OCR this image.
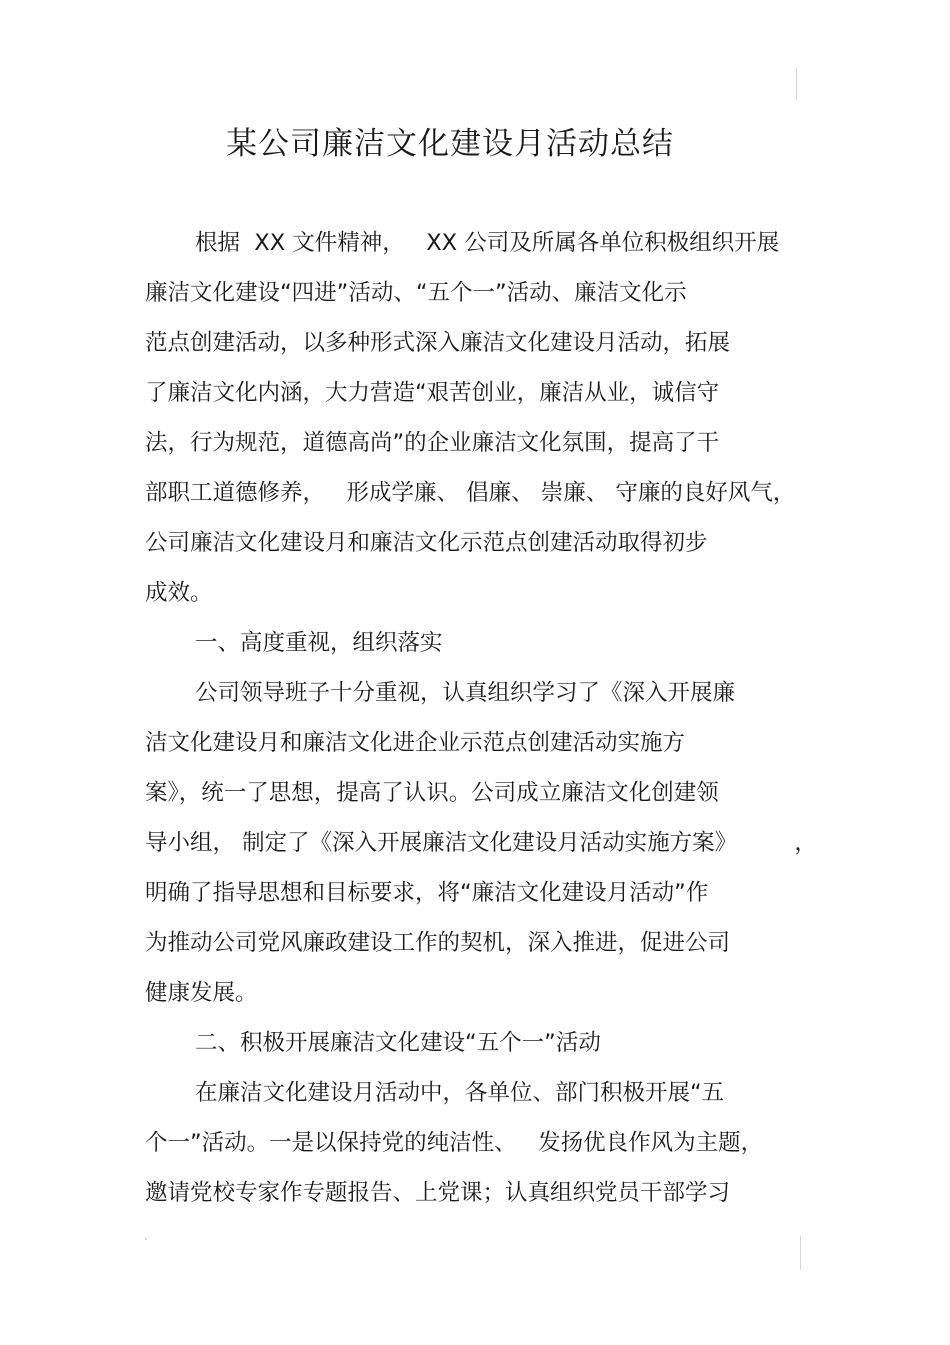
某公司廉洁文化建设月活动总结
根据  XX 文件精神，   XX 公司及所属各单位积极组织开展
廉洁文化建设“四进”活动、“五个一”活动、廉洁文化示
范点创建活动，以多种形式深入廉洁文化建设月活动，拓展
了廉洁文化内涵，大力营造“艰苦创业，廉洁从业，诚信守
法，行为规范，道德高尚”的企业廉洁文化氛围，提高了干
部职工道德修养，   形成学廉、 倡廉、 崇廉、 守廉的良好风气，
公司廉洁文化建设月和廉洁文化示范点创建活动取得初步
成效。
一、高度重视，组织落实
公司领导班子十分重视，认真组织学习了《深入开展廉
洁文化建设月和廉洁文化进企业示范点创建活动实施方
案》，统一了思想，提高了认识。公司成立廉洁文化创建领
导小组， 制定了《深入开展廉洁文化建设月活动实施方案》        ，
明确了指导思想和目标要求，将“廉洁文化建设月活动”作
为推动公司党风廉政建设工作的契机，深入推进，促进公司
健康发展。
二、积极开展廉洁文化建设“五个一”活动
在廉洁文化建设月活动中，各单位、部门积极开展“五
个一”活动。一是以保持党的纯洁性、   发扬优良作风为主题，
邀请党校专家作专题报告、上党课；认真组织党员干部学习
